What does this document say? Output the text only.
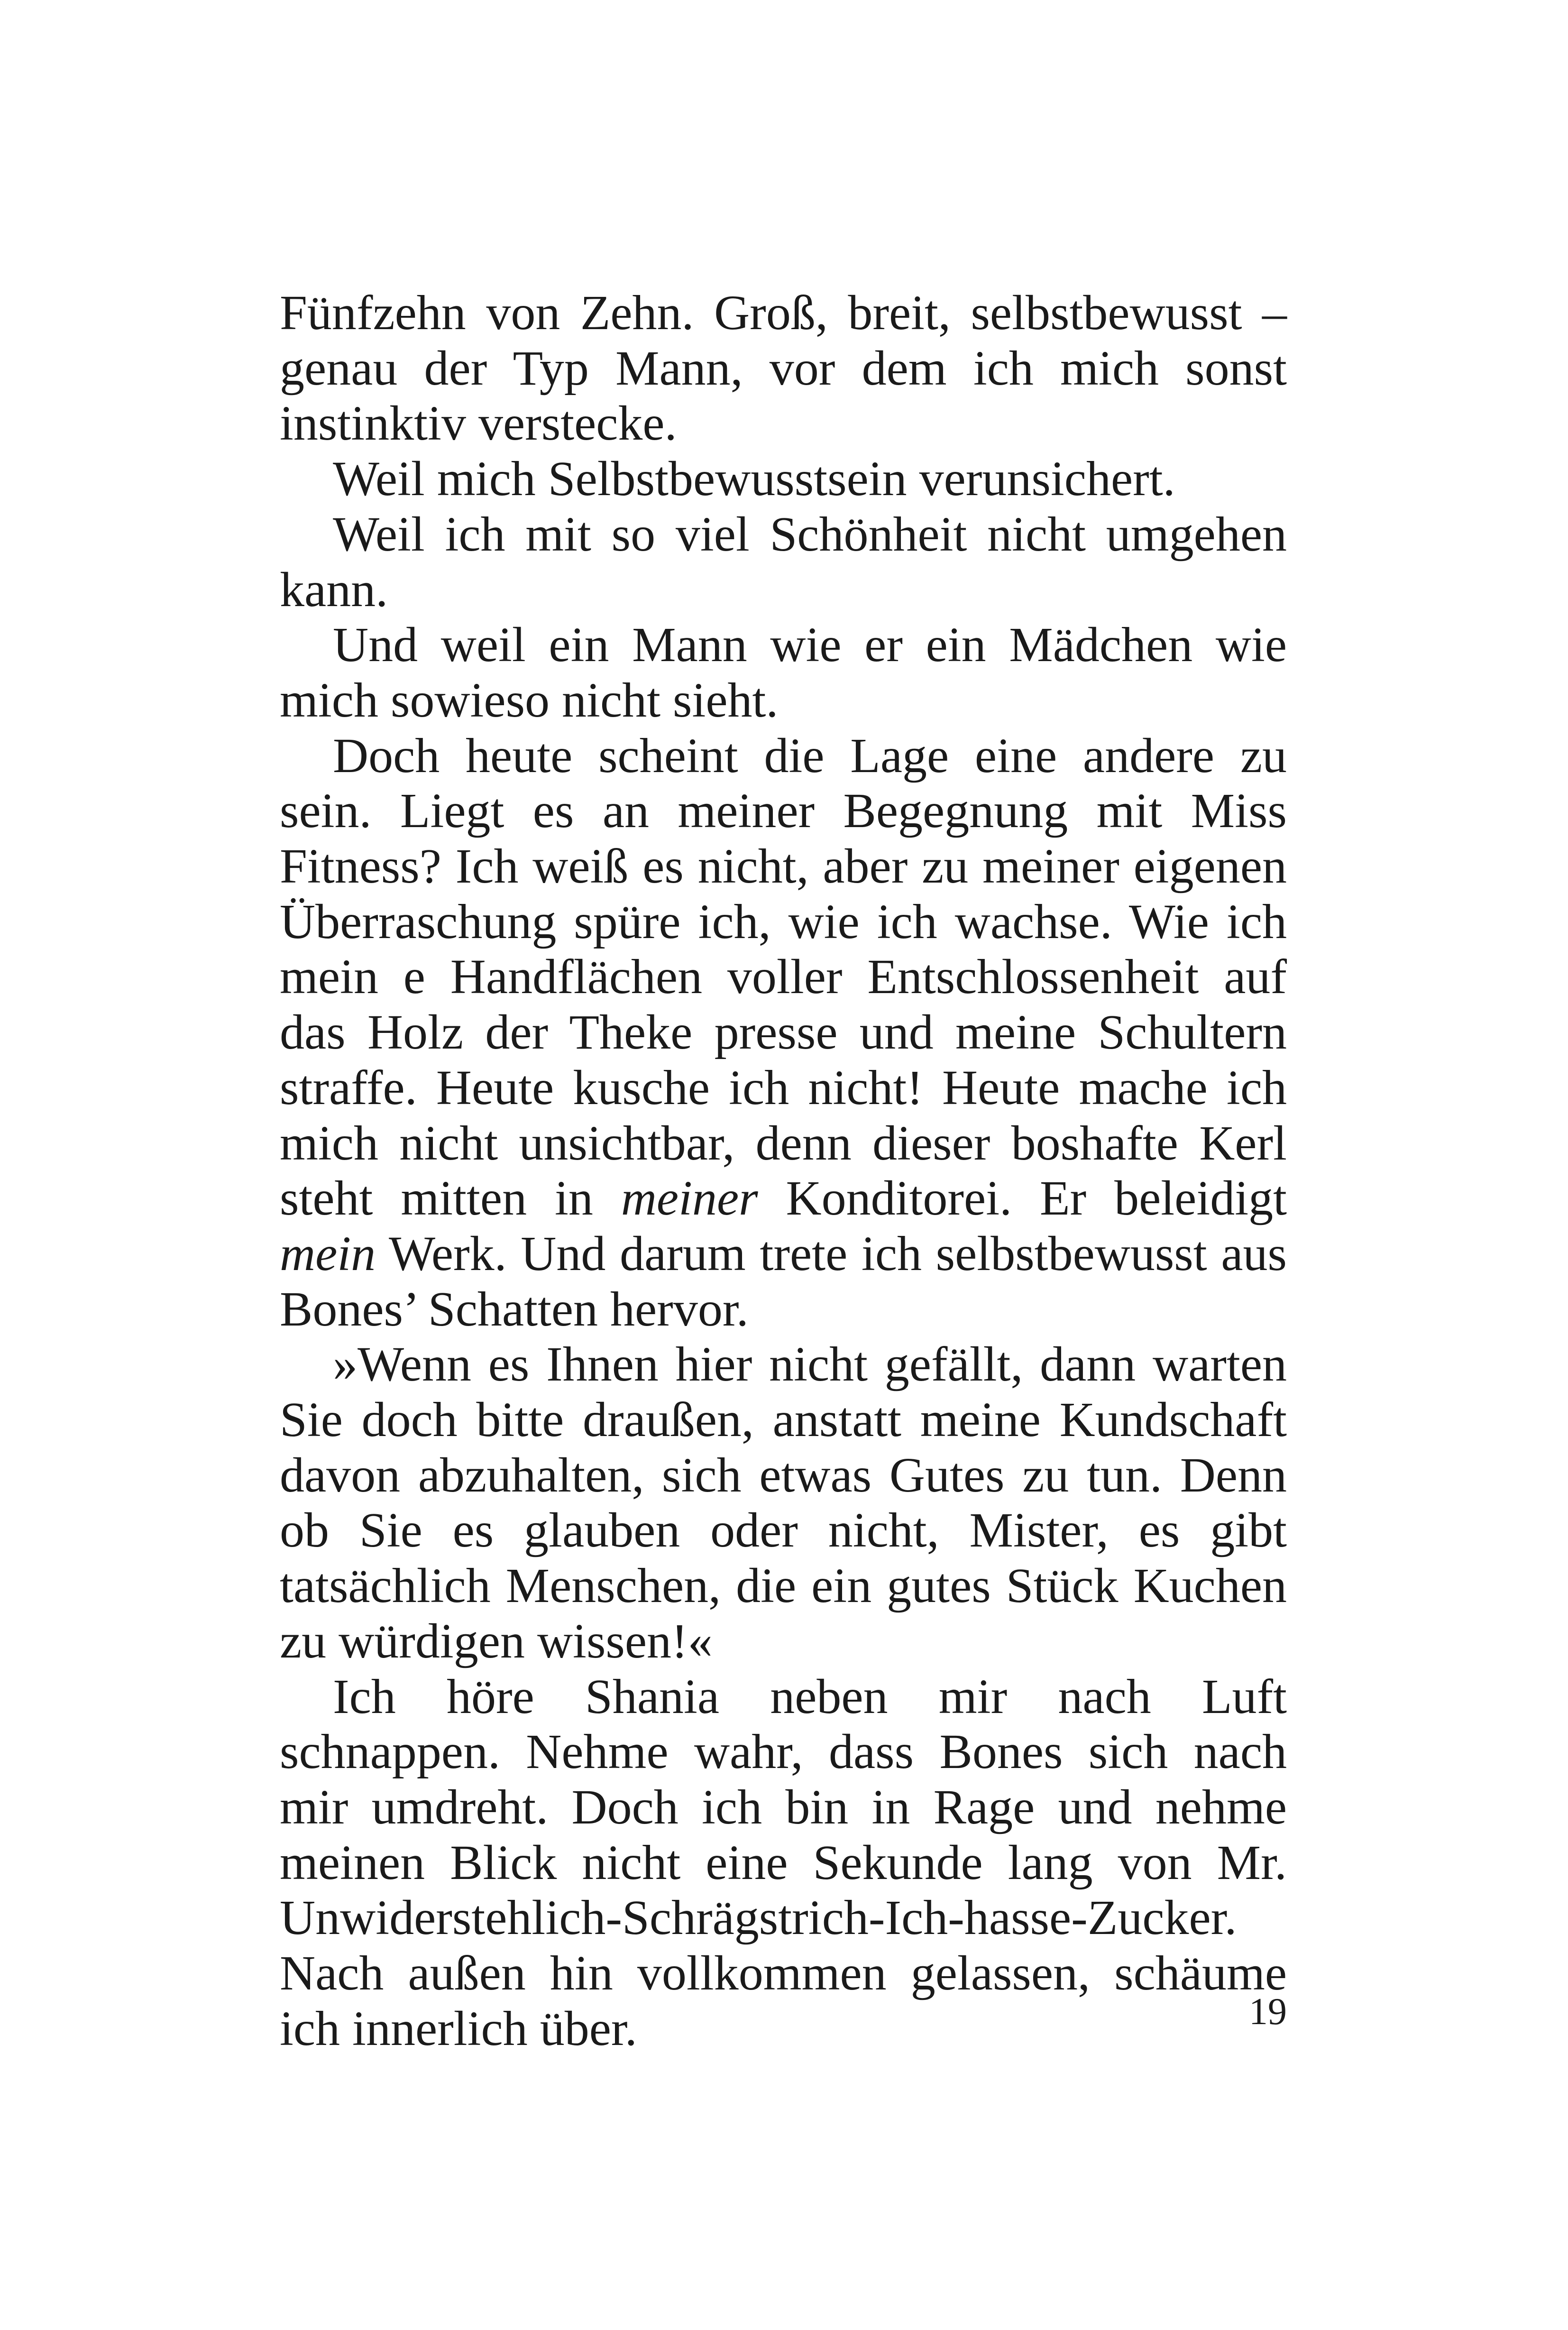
Fünfzehn von Zehn. Groß, breit, selbstbewusst – genau der Typ Mann, vor dem ich mich sonst instinktiv verstecke.

Weil mich Selbstbewusstsein verunsichert.

Weil ich mit so viel Schönheit nicht umgehen kann.

Und weil ein Mann wie er ein Mädchen wie mich sowieso nicht sieht.

Doch heute scheint die Lage eine andere zu sein. Liegt es an meiner Begegnung mit Miss Fitness? Ich weiß es nicht, aber zu meiner eigenen Überraschung spüre ich, wie ich wachse. Wie ich mein e Handflächen voller Entschlossenheit auf das Holz der Theke presse und meine Schultern straffe. Heute kusche ich nicht! Heute mache ich mich nicht unsichtbar, denn dieser boshafte Kerl steht mitten in meiner Konditorei. Er beleidigt mein Werk. Und darum trete ich selbstbewusst aus Bones’ Schatten hervor.

»Wenn es Ihnen hier nicht gefällt, dann warten Sie doch bitte draußen, anstatt meine Kundschaft davon abzuhalten, sich etwas Gutes zu tun. Denn ob Sie es glauben oder nicht, Mister, es gibt tatsächlich Menschen, die ein gutes Stück Kuchen zu würdigen wissen!«

Ich höre Shania neben mir nach Luft schnappen. Nehme wahr, dass Bones sich nach mir umdreht. Doch ich bin in Rage und nehme meinen Blick nicht eine Sekunde lang von Mr. Unwiderstehlich-Schrägstrich-Ich-hasse-Zucker. Nach außen hin vollkommen gelassen, schäume ich innerlich über.	19
